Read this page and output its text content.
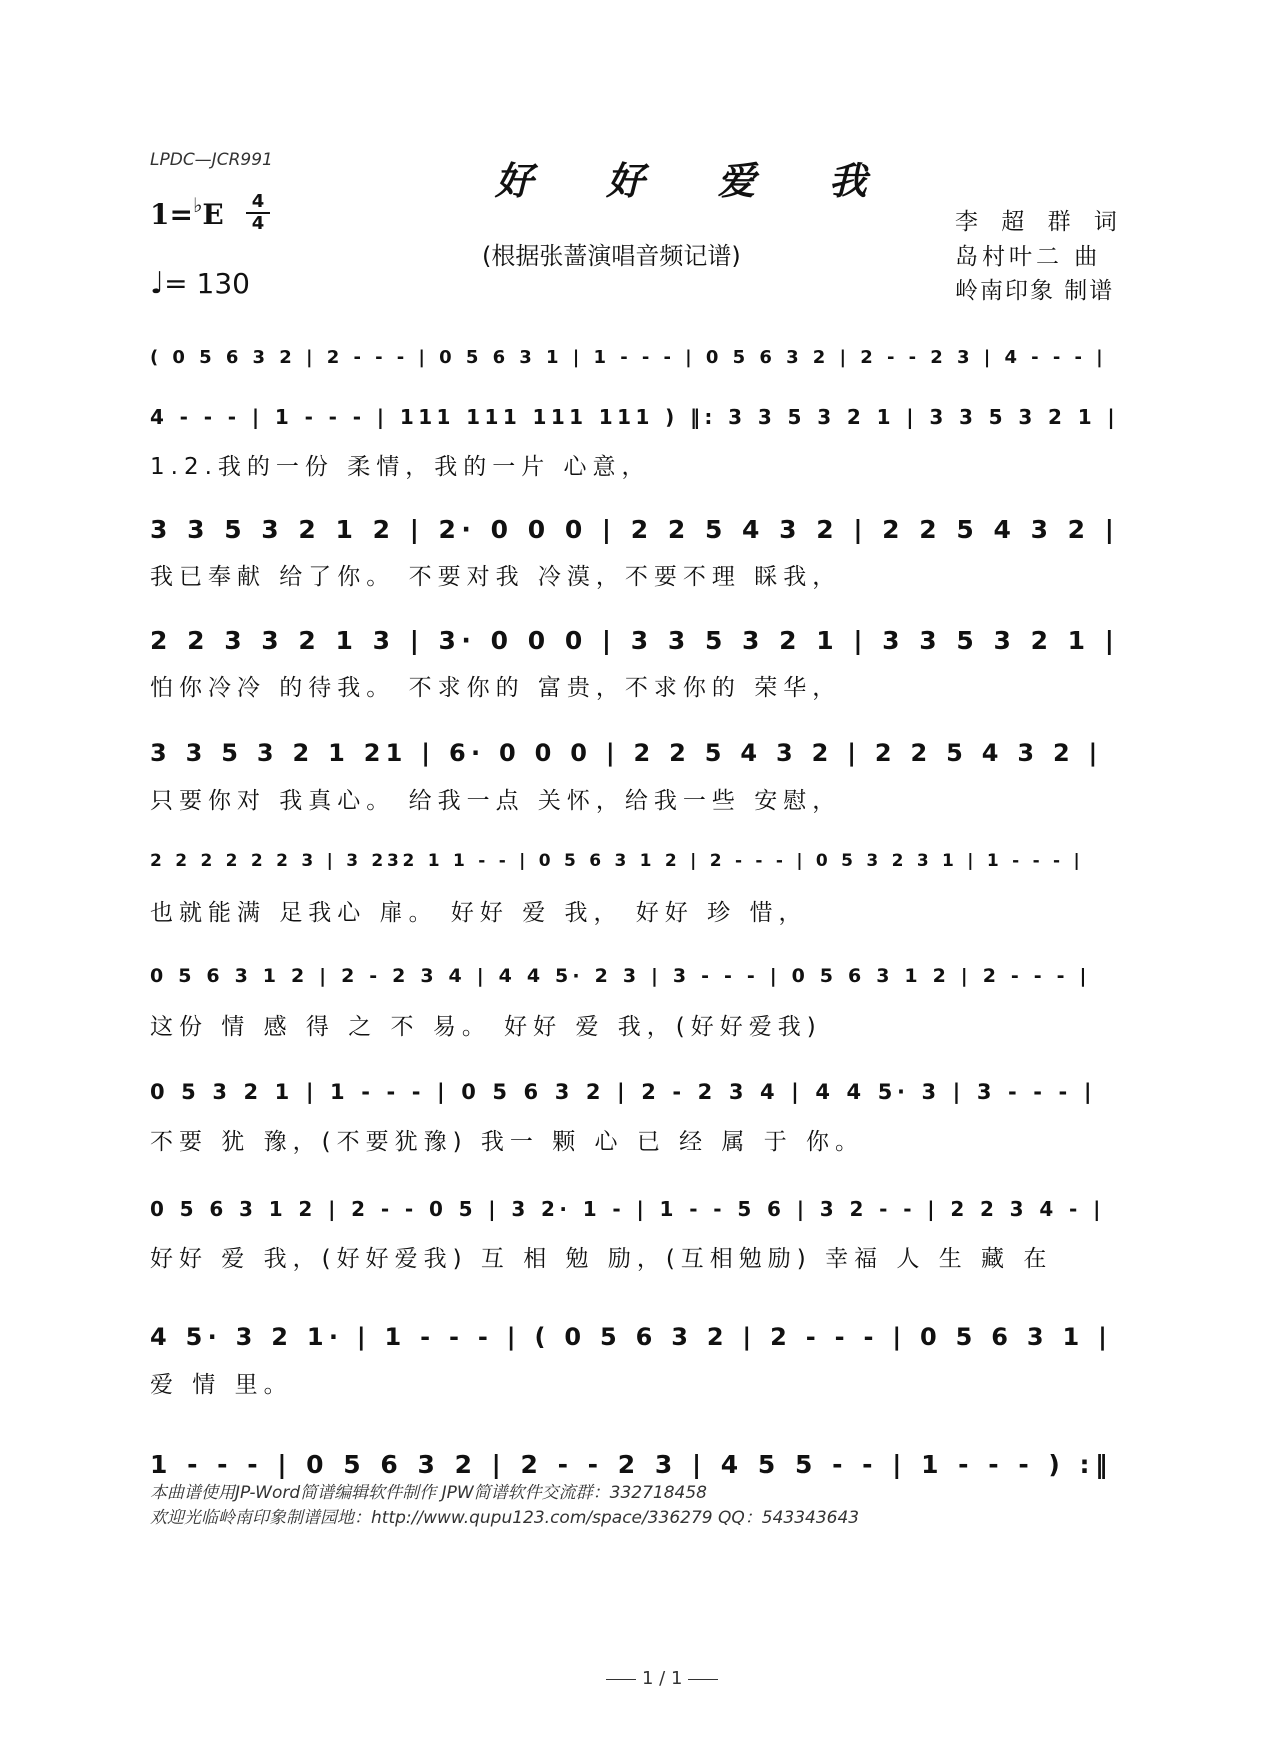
LPDC—JCR991	好 好 爱 我
1=♭E	4
4
(根据张蔷演唱音频记谱)
♩= 130
李 超 群 词
岛村叶二 曲
岭南印象 制谱
( 0 5 6 3 2 | 2 - - - | 0 5 6 3 1 | 1 - - - | 0 5 6 3 2 | 2 - - 2 3 | 4 - - - |
4 - - - | 1 - - - | 111 111 111 111 ) ‖: 3 3 5 3 2 1 | 3 3 5 3 2 1 |
1.2.我的一份 柔情，我的一片 心意，
3 3 5 3 2 1 2 | 2· 0 0 0 | 2 2 5 4 3 2 | 2 2 5 4 3 2 |
我已奉献 给了你。 不要对我 冷漠，不要不理 睬我，
2 2 3 3 2 1 3 | 3· 0 0 0 | 3 3 5 3 2 1 | 3 3 5 3 2 1 |
怕你冷冷 的待我。 不求你的 富贵，不求你的 荣华，
3 3 5 3 2 1 21 | 6· 0 0 0 | 2 2 5 4 3 2 | 2 2 5 4 3 2 |
只要你对 我真心。 给我一点 关怀，给我一些 安慰，
2 2 2 2 2 2 3 | 3 232 1 1 - - | 0 5 6 3 1 2 | 2 - - - | 0 5 3 2 3 1 | 1 - - - |
也就能满 足我心 扉。 好好 爱 我， 好好 珍 惜，
0 5 6 3 1 2 | 2 - 2 3 4 | 4 4 5· 2 3 | 3 - - - | 0 5 6 3 1 2 | 2 - - - |
这份 情 感 得 之 不 易。 好好 爱 我，(好好爱我)
0 5 3 2 1 | 1 - - - | 0 5 6 3 2 | 2 - 2 3 4 | 4 4 5· 3 | 3 - - - |
不要 犹 豫，(不要犹豫) 我一 颗 心 已 经 属 于 你。
0 5 6 3 1 2 | 2 - - 0 5 | 3 2· 1 - | 1 - - 5 6 | 3 2 - - | 2 2 3 4 - |
好好 爱 我，(好好爱我) 互 相 勉 励，(互相勉励) 幸福 人 生 藏 在
4 5· 3 2 1· | 1 - - - | ( 0 5 6 3 2 | 2 - - - | 0 5 6 3 1 |
爱 情 里。
1 - - - | 0 5 6 3 2 | 2 - - 2 3 | 4 5 5 - - | 1 - - - ) :‖
本曲谱使用JP-Word简谱编辑软件制作 JPW简谱软件交流群：332718458
欢迎光临岭南印象制谱园地：http://www.qupu123.com/space/336279 QQ：543343643
1 / 1
